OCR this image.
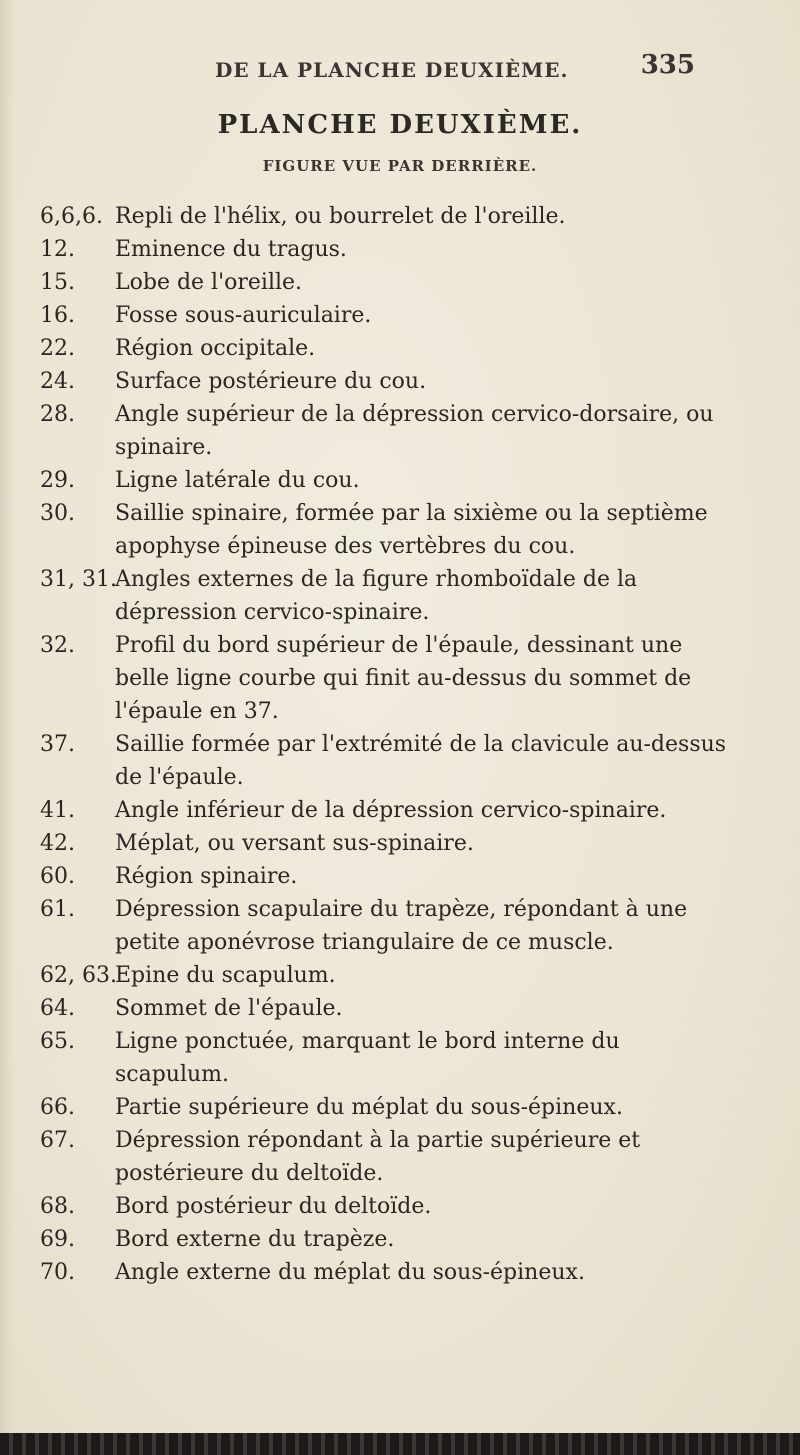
DE LA PLANCHE DEUXIÈME.	335
PLANCHE DEUXIÈME.
FIGURE VUE PAR DERRIÈRE.
6,6,6. Repli de l'hélix, ou bourrelet de l'oreille.
12. Eminence du tragus.
15. Lobe de l'oreille.
16. Fosse sous-auriculaire.
22. Région occipitale.
24. Surface postérieure du cou.
28. Angle supérieur de la dépression cervico-dorsaire, ou spinaire.
29. Ligne latérale du cou.
30. Saillie spinaire, formée par la sixième ou la septième apophyse épineuse des vertèbres du cou.
31, 31.
Angles externes de la figure rhomboïdale de la dépression cervico-spinaire.
32. Profil du bord supérieur de l'épaule, dessinant une belle ligne courbe qui finit au-dessus du sommet de l'épaule en 37.
37. Saillie formée par l'extrémité de la clavicule au-dessus de l'épaule.
41. Angle inférieur de la dépression cervico-spinaire.
42. Méplat, ou versant sus-spinaire.
60. Région spinaire.
61. Dépression scapulaire du trapèze, répondant à une petite aponévrose triangulaire de ce muscle.
62, 63.
Epine du scapulum.
64. Sommet de l'épaule.
65. Ligne ponctuée, marquant le bord interne du scapulum.
66. Partie supérieure du méplat du sous-épineux.
67. Dépression répondant à la partie supérieure et postérieure du deltoïde.
68. Bord postérieur du deltoïde.
69. Bord externe du trapèze.
70. Angle externe du méplat du sous-épineux.
